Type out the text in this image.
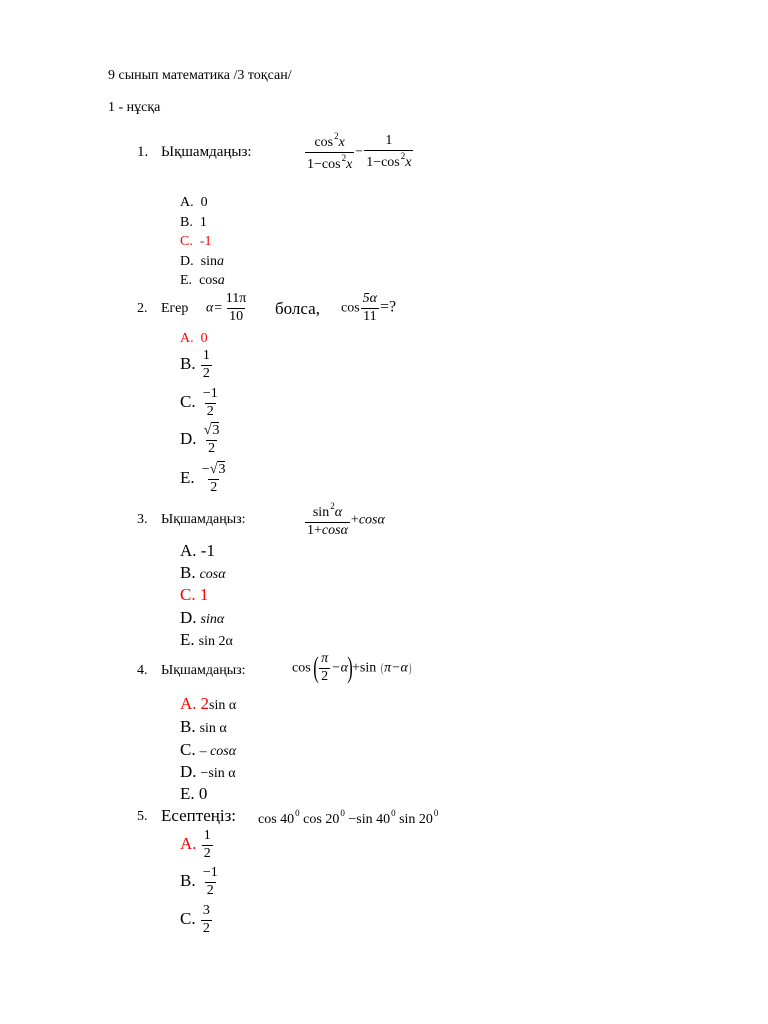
9 сынып математика /3 тоқсан/
1 - нұсқа
1. Ықшамдаңыз:	$\frac{\cos^2x}{1-\cos^2x} - \frac{1}{1-\cos^2x}$
A. 0
B. 1
C. -1
D. sina
E. cosa
2. Егер $\alpha= \frac{11\pi}{10}$ болса, $\cos \frac{5\alpha}{11}$ =?
A. 0
B. $\frac{1}{2}$
C. $\frac{-1}{2}$
D. $\frac{√3}{2}$
E. $\frac{-√3}{2}$
3. Ықшамдаңыз:	$\frac{\sin^2\alpha}{1+\cos\alpha} +\cos\alpha$
A. -1
B. cosα
C. 1
D. sinα
E. sin 2α
4. Ықшамдаңыз:	cos ( $\frac{\pi}{2} -\alpha)+\sin$ (π−α)
A. 2sin α
B. sin α
C. – cosα
D. −sin α
E. 0
5. Есептеңіз: $\cos 40^0$ $\cos 20^0 -\sin$ $40^0$ $\sin 20^0$
A. $\frac{1}{2}$
B. $\frac{-1}{2}$
C. $\frac{3}{2}$
